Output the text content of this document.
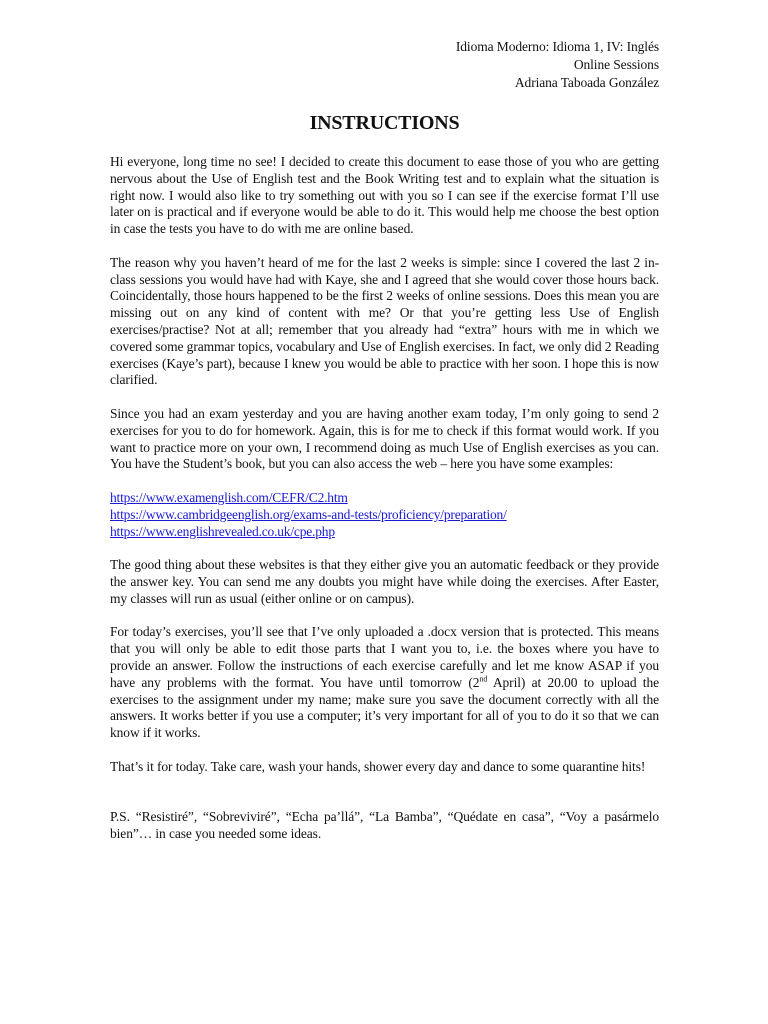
Idioma Moderno: Idioma 1, IV: Inglés
Online Sessions
Adriana Taboada González
INSTRUCTIONS

Hi everyone, long time no see! I decided to create this document to ease those of you who are getting nervous about the Use of English test and the Book Writing test and to explain what the situation is right now. I would also like to try something out with you so I can see if the exercise format I’ll use later on is practical and if everyone would be able to do it. This would help me choose the best option in case the tests you have to do with me are online based.

The reason why you haven’t heard of me for the last 2 weeks is simple: since I covered the last 2 in-class sessions you would have had with Kaye, she and I agreed that she would cover those hours back. Coincidentally, those hours happened to be the first 2 weeks of online sessions. Does this mean you are missing out on any kind of content with me? Or that you’re getting less Use of English exercises/practise? Not at all; remember that you already had “extra” hours with me in which we covered some grammar topics, vocabulary and Use of English exercises. In fact, we only did 2 Reading exercises (Kaye’s part), because I knew you would be able to practice with her soon. I hope this is now clarified.

Since you had an exam yesterday and you are having another exam today, I’m only going to send 2 exercises for you to do for homework. Again, this is for me to check if this format would work. If you want to practice more on your own, I recommend doing as much Use of English exercises as you can. You have the Student’s book, but you can also access the web – here you have some examples:

https://www.examenglish.com/CEFR/C2.htm
https://www.cambridgeenglish.org/exams-and-tests/proficiency/preparation/
https://www.englishrevealed.co.uk/cpe.php

The good thing about these websites is that they either give you an automatic feedback or they provide the answer key. You can send me any doubts you might have while doing the exercises. After Easter, my classes will run as usual (either online or on campus).

For today’s exercises, you’ll see that I’ve only uploaded a .docx version that is protected. This means that you will only be able to edit those parts that I want you to, i.e. the boxes where you have to provide an answer. Follow the instructions of each exercise carefully and let me know ASAP if you have any problems with the format. You have until tomorrow (2nd April) at 20.00 to upload the exercises to the assignment under my name; make sure you save the document correctly with all the answers. It works better if you use a computer; it’s very important for all of you to do it so that we can know if it works.

That’s it for today. Take care, wash your hands, shower every day and dance to some quarantine hits!

P.S. “Resistiré”, “Sobreviviré”, “Echa pa’llá”, “La Bamba”, “Quédate en casa”, “Voy a pasármelo bien”… in case you needed some ideas.
